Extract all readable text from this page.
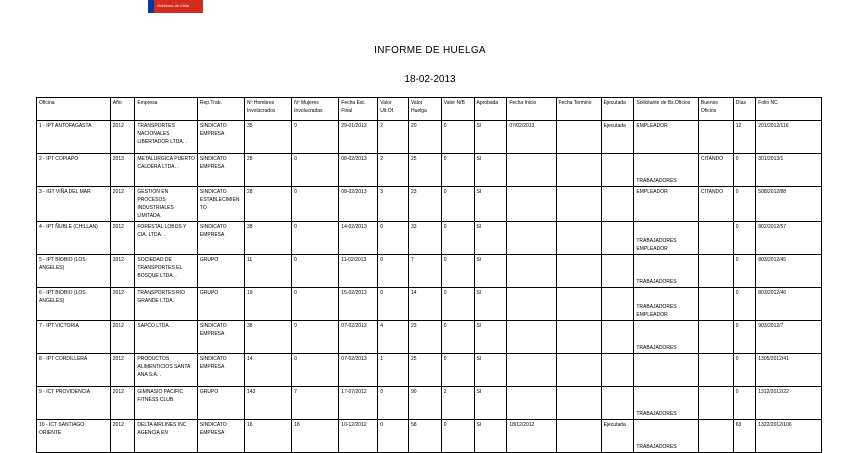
Gobierno de Chile
INFORME DE HUELGA
18-02-2013
Oficina	Año	Empresa	Rep.Trab.	Nº Hombres Involucrados	Nº Mujeres Involucradas	Fecha Est. Final	Valor Ult.Of.	Valor Huelga	Valor N/B	Aprobada	Fecha Inicio	Fecha Termino	Ejecutada	Solicitante de Bs.Oficios	Buenos Oficios	Días	Folio NC
1 - IPT ANTOFAGASTA	2012	TRANSPORTES NACIONALES LIBERTADOR LTDA. .	SINDICATO EMPRESA	35	0	29-01/2013	2	20	0	SI	07/02/2013		Ejecutada	EMPLEADOR		12	201/2012/116
2 - IPT COPIAPO	2013	METALURGICA PUERTO CALDERA LTDA. .	SINDICATO EMPRESA	28	0	08-02/2013	2	25	0	SI				TRABAJADORES	CITANDO	0	301/2013/1
3 - IGT VIÑA DEL MAR	2012	GESTION EN PROCESOS INDUSTRIALES LIMITADA.	SINDICATO ESTABLECIMIENTO	28	0	08-02/2013	3	23	0	SI				EMPLEADOR	CITANDO	0	508/2012/88
4 - IPT ÑUBLE (CHILLAN)	2012	FORESTAL LOBOS Y CIA. LTDA. .	SINDICATO EMPRESA	38	0	14-02/2013	0	33	0	SI				TRABAJADORES EMPLEADOR		0	802/2012/57
5 - IPT BIOBIO (LOS ANGELES)	2012	SOCIEDAD DE TRANSPORTES EL BOSQUE LTDA. .	GRUPO	11	0	11-02/2013	0	7	0	SI				TRABAJADORES		0	803/2012/45
6 - IPT BIOBIO (LOS ANGELES)	2012	TRANSPORTES RIO GRANDE LTDA.	GRUPO	19	0	15-02/2013	0	14	0	SI				TRABAJADORES EMPLEADOR		0	803/2012/46
7 - IPT VICTORIA	2012	SAPCO LTDA. .	SINDICATO EMPRESA	38	0	07-02/2013	4	23	0	SI				TRABAJADORES		0	903/2012/7
8 - IPT CORDILLERA	2012	PRODUCTOS ALIMENTICIOS SANTA ANA S.A. .	SINDICATO EMPRESA	14	0	07-02/2013	1	25	0	SI						0	1305/2012/41
9 - ICT PROVIDENCIA	2012	GIMNASIO PACIFIC FITNESS CLUB.	GRUPO	143	7	17-07/2012	0	90	2	SI				TRABAJADORES		0	1312/2012/22
10 - ICT SANTIAGO ORIENTE	2012	DELTA AIRLINES INC AGENCIA EN	SINDICATO EMPRESA	16	18	10-12/2012	0	58	0	SI	18/12/2012		Ejecutada	TRABAJADORES		63	1322/2012/106
